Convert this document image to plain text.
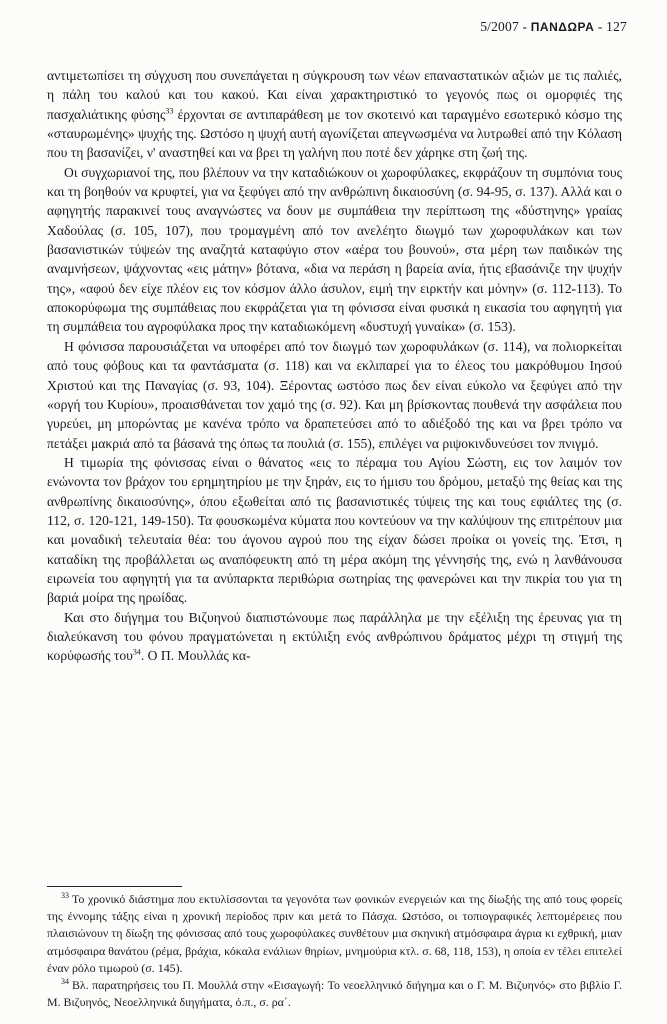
5/2007 - ΠΑΝΔΩΡΑ - 127

αντιμετωπίσει τη σύγχυση που συνεπάγεται η σύγκρουση των νέων επαναστατικών αξιών με τις παλιές, η πάλη του καλού και του κακού. Και είναι χαρακτηριστικό το γεγονός πως οι ομορφιές της πασχαλιάτικης φύσης$^{33}$ έρχονται σε αντιπαράθεση με τον σκοτεινό και ταραγμένο εσωτερικό κόσμο της «σταυρωμένης» ψυχής της. Ωστόσο η ψυχή αυτή αγωνίζεται απεγνωσμένα να λυτρωθεί από την Κόλαση που τη βασανίζει, ν' αναστηθεί και να βρει τη γαλήνη που ποτέ δεν χάρηκε στη ζωή της.

Οι συγχωριανοί της, που βλέπουν να την καταδιώκουν οι χωροφύλακες, εκφράζουν τη συμπόνια τους και τη βοηθούν να κρυφτεί, για να ξεφύγει από την ανθρώπινη δικαιοσύνη (σ. 94-95, σ. 137). Αλλά και ο αφηγητής παρακινεί τους αναγνώστες να δουν με συμπάθεια την περίπτωση της «δύστηνης» γραίας Χαδούλας (σ. 105, 107), που τρομαγμένη από τον ανελέητο διωγμό των χωροφυλάκων και των βασανιστικών τύψεών της αναζητά καταφύγιο στον «αέρα του βουνού», στα μέρη των παιδικών της αναμνήσεων, ψάχνοντας «εις μάτην» βότανα, «δια να περάση η βαρεία ανία, ήτις εβασάνιζε την ψυχήν της», «αφού δεν είχε πλέον εις τον κόσμον άλλο άσυλον, ειμή την ειρκτήν και μόνην» (σ. 112-113). Το αποκορύφωμα της συμπάθειας που εκφράζεται για τη φόνισσα είναι φυσικά η εικασία του αφηγητή για τη συμπάθεια του αγροφύλακα προς την καταδιωκόμενη «δυστυχή γυναίκα» (σ. 153).

Η φόνισσα παρουσιάζεται να υποφέρει από τον διωγμό των χωροφυλάκων (σ. 114), να πολιορκείται από τους φόβους και τα φαντάσματα (σ. 118) και να εκλιπαρεί για το έλεος του μακρόθυμου Ιησού Χριστού και της Παναγίας (σ. 93, 104). Ξέροντας ωστόσο πως δεν είναι εύκολο να ξεφύγει από την «οργή του Κυρίου», προαισθάνεται τον χαμό της (σ. 92). Και μη βρίσκοντας πουθενά την ασφάλεια που γυρεύει, μη μπορώντας με κανένα τρόπο να δραπετεύσει από το αδιέξοδό της και να βρει τρόπο να πετάξει μακριά από τα βάσανά της όπως τα πουλιά (σ. 155), επιλέγει να ριψοκινδυνεύσει τον πνιγμό.

Η τιμωρία της φόνισσας είναι ο θάνατος «εις το πέραμα του Αγίου Σώστη, εις τον λαιμόν τον ενώνοντα τον βράχον του ερημητηρίου με την ξηράν, εις το ήμισυ του δρόμου, μεταξύ της θείας και της ανθρωπίνης δικαιοσύνης», όπου εξωθείται από τις βασανιστικές τύψεις της και τους εφιάλτες της (σ. 112, σ. 120-121, 149-150). Τα φουσκωμένα κύματα που κοντεύουν να την καλύψουν της επιτρέπουν μια και μοναδική τελευταία θέα: του άγονου αγρού που της είχαν δώσει προίκα οι γονείς της. Έτσι, η καταδίκη της προβάλλεται ως αναπόφευκτη από τη μέρα ακόμη της γέννησής της, ενώ η λανθάνουσα ειρωνεία του αφηγητή για τα ανύπαρκτα περιθώρια σωτηρίας της φανερώνει και την πικρία του για τη βαριά μοίρα της ηρωίδας.

Και στο διήγημα του Βιζυηνού διαπιστώνουμε πως παράλληλα με την εξέλιξη της έρευνας για τη διαλεύκανση του φόνου πραγματώνεται η εκτύλιξη ενός ανθρώπινου δράματος μέχρι τη στιγμή της κορύφωσής του$^{34}$. Ο Π. Μουλλάς κα-

$^{33}$ Το χρονικό διάστημα που εκτυλίσσονται τα γεγονότα των φονικών ενεργειών και της δίωξής της από τους φορείς της έννομης τάξης είναι η χρονική περίοδος πριν και μετά το Πάσχα. Ωστόσο, οι τοπιογραφικές λεπτομέρειες που πλαισιώνουν τη δίωξη της φόνισσας από τους χωροφύλακες συνθέτουν μια σκηνική ατμόσφαιρα άγρια κι εχθρική, μιαν ατμόσφαιρα θανάτου (ρέμα, βράχια, κόκαλα ενάλιων θηρίων, μνημούρια κτλ. σ. 68, 118, 153), η οποία εν τέλει επιτελεί έναν ρόλο τιμωρού (σ. 145).

$^{34}$ Βλ. παρατηρήσεις του Π. Μουλλά στην «Εισαγωγή: Το νεοελληνικό διήγημα και ο Γ. Μ. Βιζυηνός» στο βιβλίο Γ. Μ. Βιζυηνός, Νεοελληνικά διηγήματα, ό.π., σ. ρα΄.
